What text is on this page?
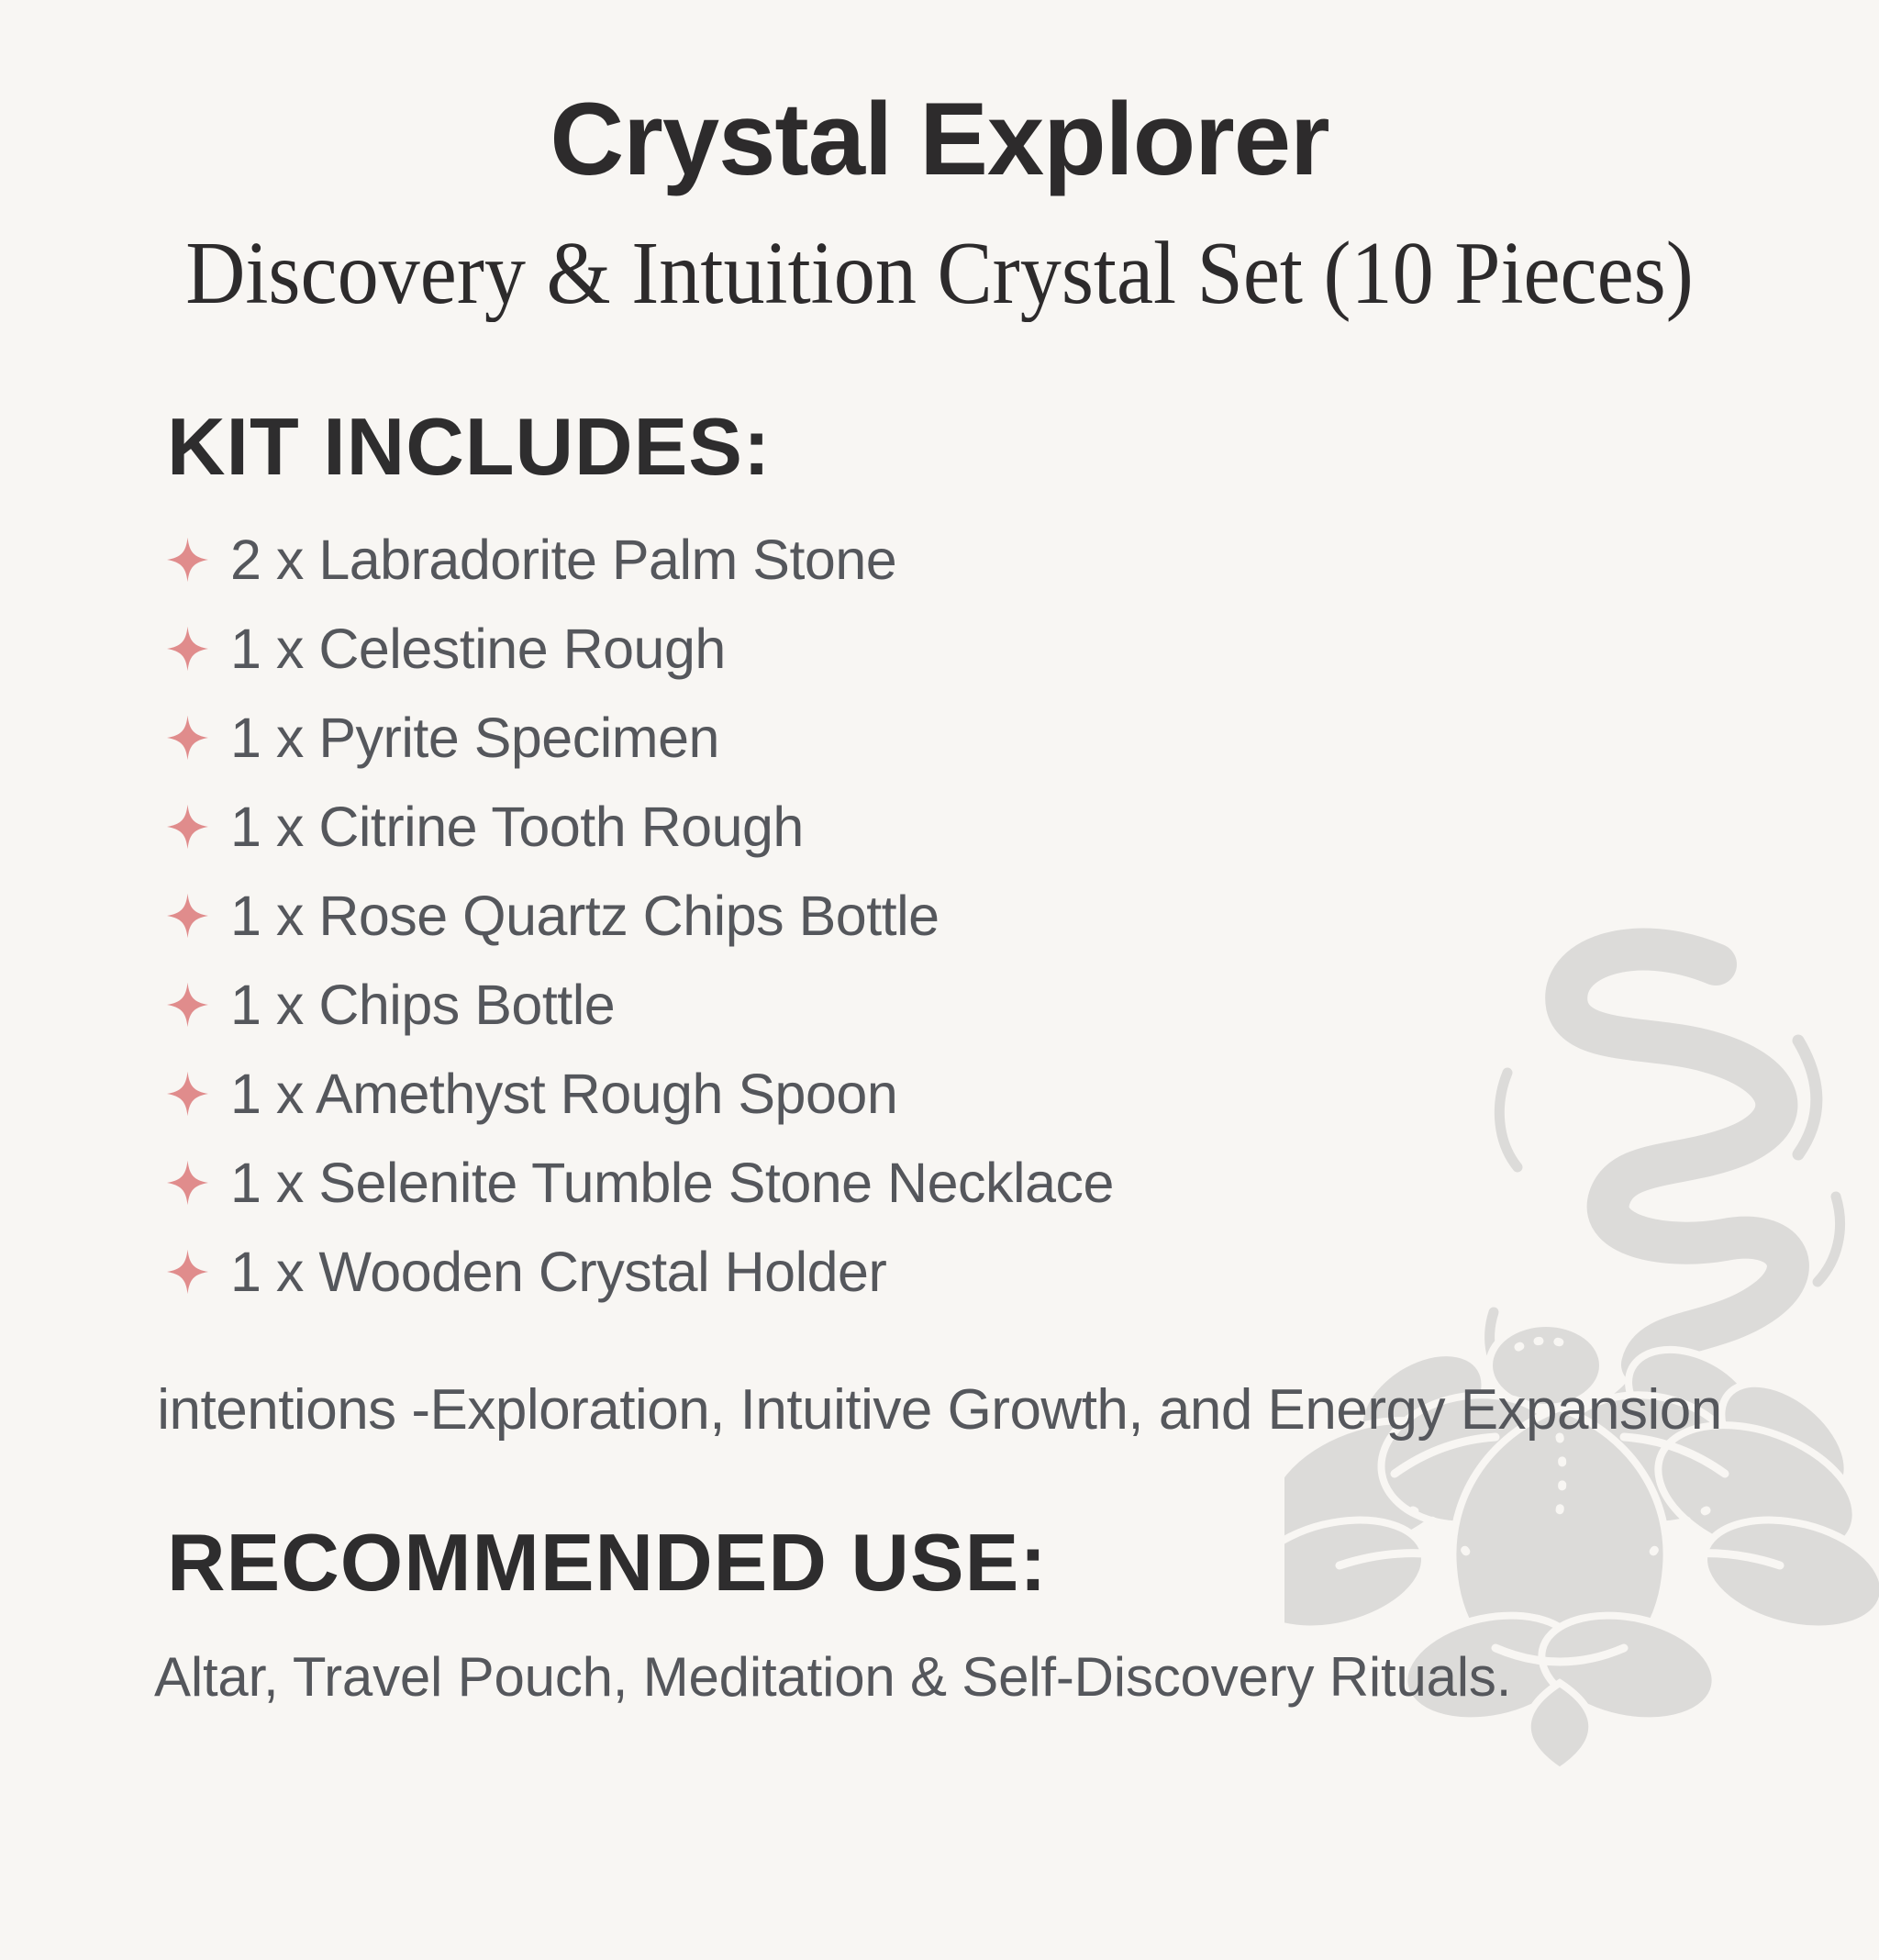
Crystal Explorer
Discovery & Intuition Crystal Set (10 Pieces)
KIT INCLUDES:
2 x Labradorite Palm Stone
1 x Celestine Rough
1 x Pyrite Specimen
1 x Citrine Tooth Rough
1 x Rose Quartz Chips Bottle
1 x Chips Bottle
1 x Amethyst Rough Spoon
1 x Selenite Tumble Stone Necklace
1 x Wooden Crystal Holder
intentions -Exploration, Intuitive Growth, and Energy Expansion
RECOMMENDED USE:
Altar, Travel Pouch, Meditation & Self-Discovery Rituals.
